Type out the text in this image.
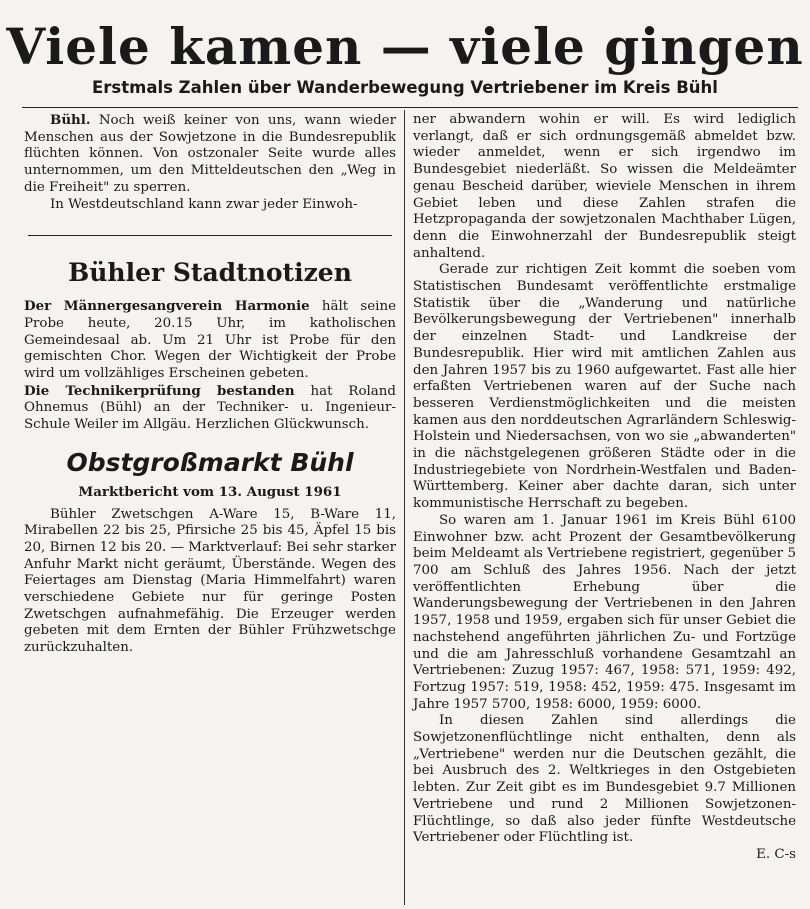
Viele kamen — viele gingen
Erstmals Zahlen über Wanderbewegung Vertriebener im Kreis Bühl

Bühl. Noch weiß keiner von uns, wann wieder Menschen aus der Sowjetzone in die Bundesrepublik flüchten können. Von ostzonaler Seite wurde alles unternommen, um den Mitteldeutschen den „Weg in die Freiheit" zu sperren.

In Westdeutschland kann zwar jeder Einwoh-

Bühler Stadtnotizen

Der Männergesangverein Harmonie hält seine Probe heute, 20.15 Uhr, im katholischen Gemeindesaal ab. Um 21 Uhr ist Probe für den gemischten Chor. Wegen der Wichtigkeit der Probe wird um vollzähliges Erscheinen gebeten.

Die Technikerprüfung bestanden hat Roland Ohnemus (Bühl) an der Techniker- u. Ingenieur-Schule Weiler im Allgäu. Herzlichen Glückwunsch.

Obstgroßmarkt Bühl
Marktbericht vom 13. August 1961

Bühler Zwetschgen A-Ware 15, B-Ware 11, Mirabellen 22 bis 25, Pfirsiche 25 bis 45, Äpfel 15 bis 20, Birnen 12 bis 20. — Marktverlauf: Bei sehr starker Anfuhr Markt nicht geräumt, Überstände. Wegen des Feiertages am Dienstag (Maria Himmelfahrt) waren verschiedene Gebiete nur für geringe Posten Zwetschgen aufnahmefähig. Die Erzeuger werden gebeten mit dem Ernten der Bühler Frühzwetschge zurückzuhalten.

ner abwandern wohin er will. Es wird lediglich verlangt, daß er sich ordnungsgemäß abmeldet bzw. wieder anmeldet, wenn er sich irgendwo im Bundesgebiet niederläßt. So wissen die Meldeämter genau Bescheid darüber, wieviele Menschen in ihrem Gebiet leben und diese Zahlen strafen die Hetzpropaganda der sowjetzonalen Machthaber Lügen, denn die Einwohnerzahl der Bundesrepublik steigt anhaltend.

Gerade zur richtigen Zeit kommt die soeben vom Statistischen Bundesamt veröffentlichte erstmalige Statistik über die „Wanderung und natürliche Bevölkerungsbewegung der Vertriebenen" innerhalb der einzelnen Stadt- und Landkreise der Bundesrepublik. Hier wird mit amtlichen Zahlen aus den Jahren 1957 bis zu 1960 aufgewartet. Fast alle hier erfaßten Vertriebenen waren auf der Suche nach besseren Verdienstmöglichkeiten und die meisten kamen aus den norddeutschen Agrarländern Schleswig-Holstein und Niedersachsen, von wo sie „abwanderten" in die nächstgelegenen größeren Städte oder in die Industriegebiete von Nordrhein-Westfalen und Baden-Württemberg. Keiner aber dachte daran, sich unter kommunistische Herrschaft zu begeben.

So waren am 1. Januar 1961 im Kreis Bühl 6100 Einwohner bzw. acht Prozent der Gesamtbevölkerung beim Meldeamt als Vertriebene registriert, gegenüber 5 700 am Schluß des Jahres 1956. Nach der jetzt veröffentlichten Erhebung über die Wanderungsbewegung der Vertriebenen in den Jahren 1957, 1958 und 1959, ergaben sich für unser Gebiet die nachstehend angeführten jährlichen Zu- und Fortzüge und die am Jahresschluß vorhandene Gesamtzahl an Vertriebenen: Zuzug 1957: 467, 1958: 571, 1959: 492, Fortzug 1957: 519, 1958: 452, 1959: 475. Insgesamt im Jahre 1957 5700, 1958: 6000, 1959: 6000.

In diesen Zahlen sind allerdings die Sowjetzonenflüchtlinge nicht enthalten, denn als „Vertriebene" werden nur die Deutschen gezählt, die bei Ausbruch des 2. Weltkrieges in den Ostgebieten lebten. Zur Zeit gibt es im Bundesgebiet 9.7 Millionen Vertriebene und rund 2 Millionen Sowjetzonen-Flüchtlinge, so daß also jeder fünfte Westdeutsche Vertriebener oder Flüchtling ist.

E. C-s
